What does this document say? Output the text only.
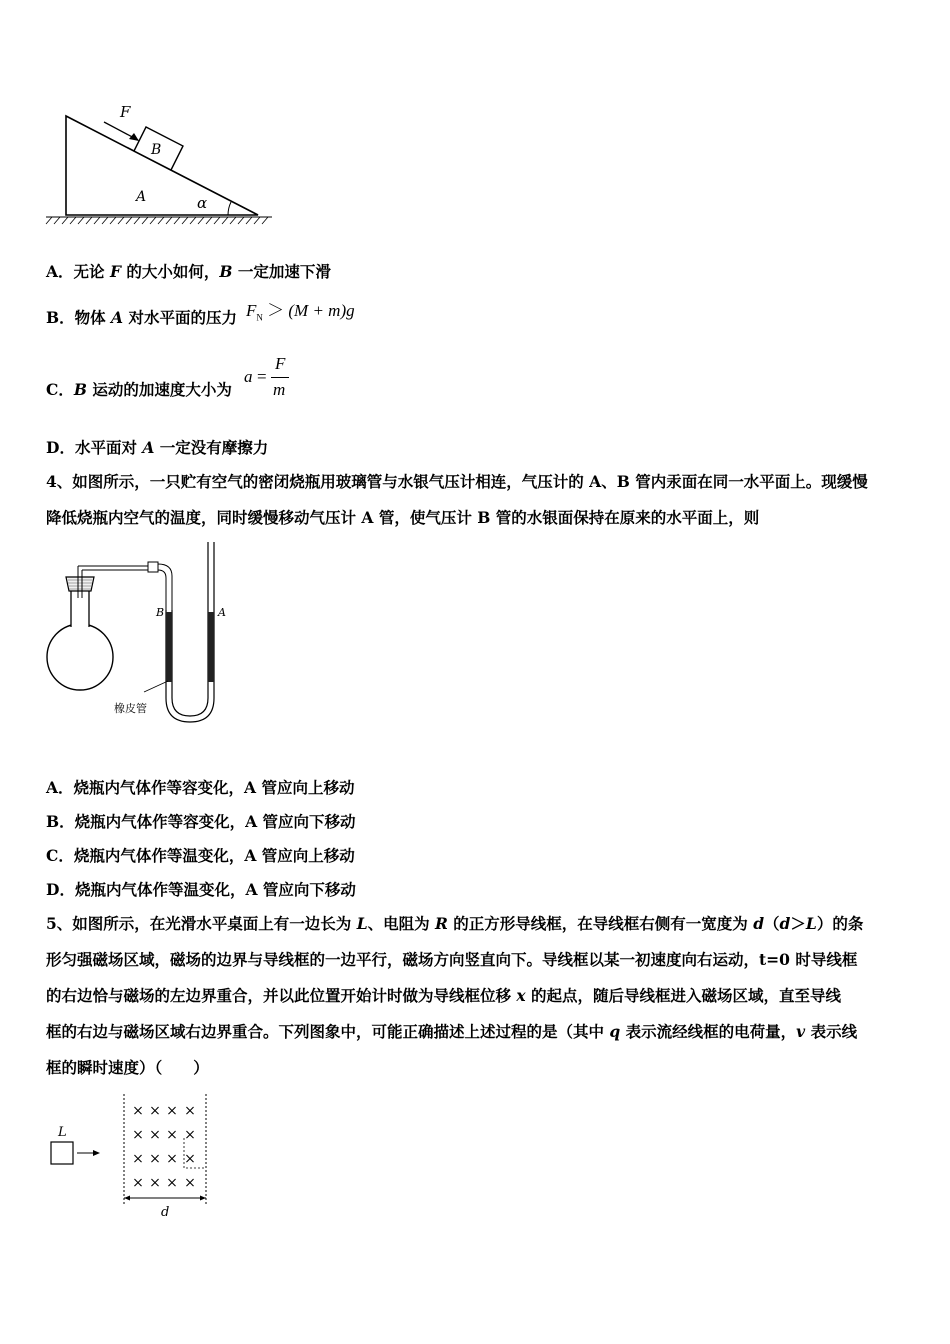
F
B
A	α
A．无论 F 的大小如何，B 一定加速下滑
B．物体 A 对水平面的压力 $F_N > (M + m)g$
C．B 运动的加速度大小为
a =
F
m
D．水平面对 A 一定没有摩擦力
4、如图所示，一只贮有空气的密闭烧瓶用玻璃管与水银气压计相连，气压计的 A、B 管内汞面在同一水平面上。现缓慢
降低烧瓶内空气的温度，同时缓慢移动气压计 A 管，使气压计 B 管的水银面保持在原来的水平面上，则
B	A
橡皮管
A．烧瓶内气体作等容变化，A 管应向上移动
B．烧瓶内气体作等容变化，A 管应向下移动
C．烧瓶内气体作等温变化，A 管应向上移动
D．烧瓶内气体作等温变化，A 管应向下移动
5、如图所示，在光滑水平桌面上有一边长为 L、电阻为 R 的正方形导线框，在导线框右侧有一宽度为 d（d＞L）的条
形匀强磁场区域，磁场的边界与导线框的一边平行，磁场方向竖直向下。导线框以某一初速度向右运动，t=0 时导线框
的右边恰与磁场的左边界重合，并以此位置开始计时做为导线框位移 x 的起点，随后导线框进入磁场区域，直至导线
框的右边与磁场区域右边界重合。下列图象中，可能正确描述上述过程的是（其中 q 表示流经线框的电荷量，v 表示线
框的瞬时速度）（　　）
L
× × × ×
× × × ×
× × × ×
× × × ×
d
